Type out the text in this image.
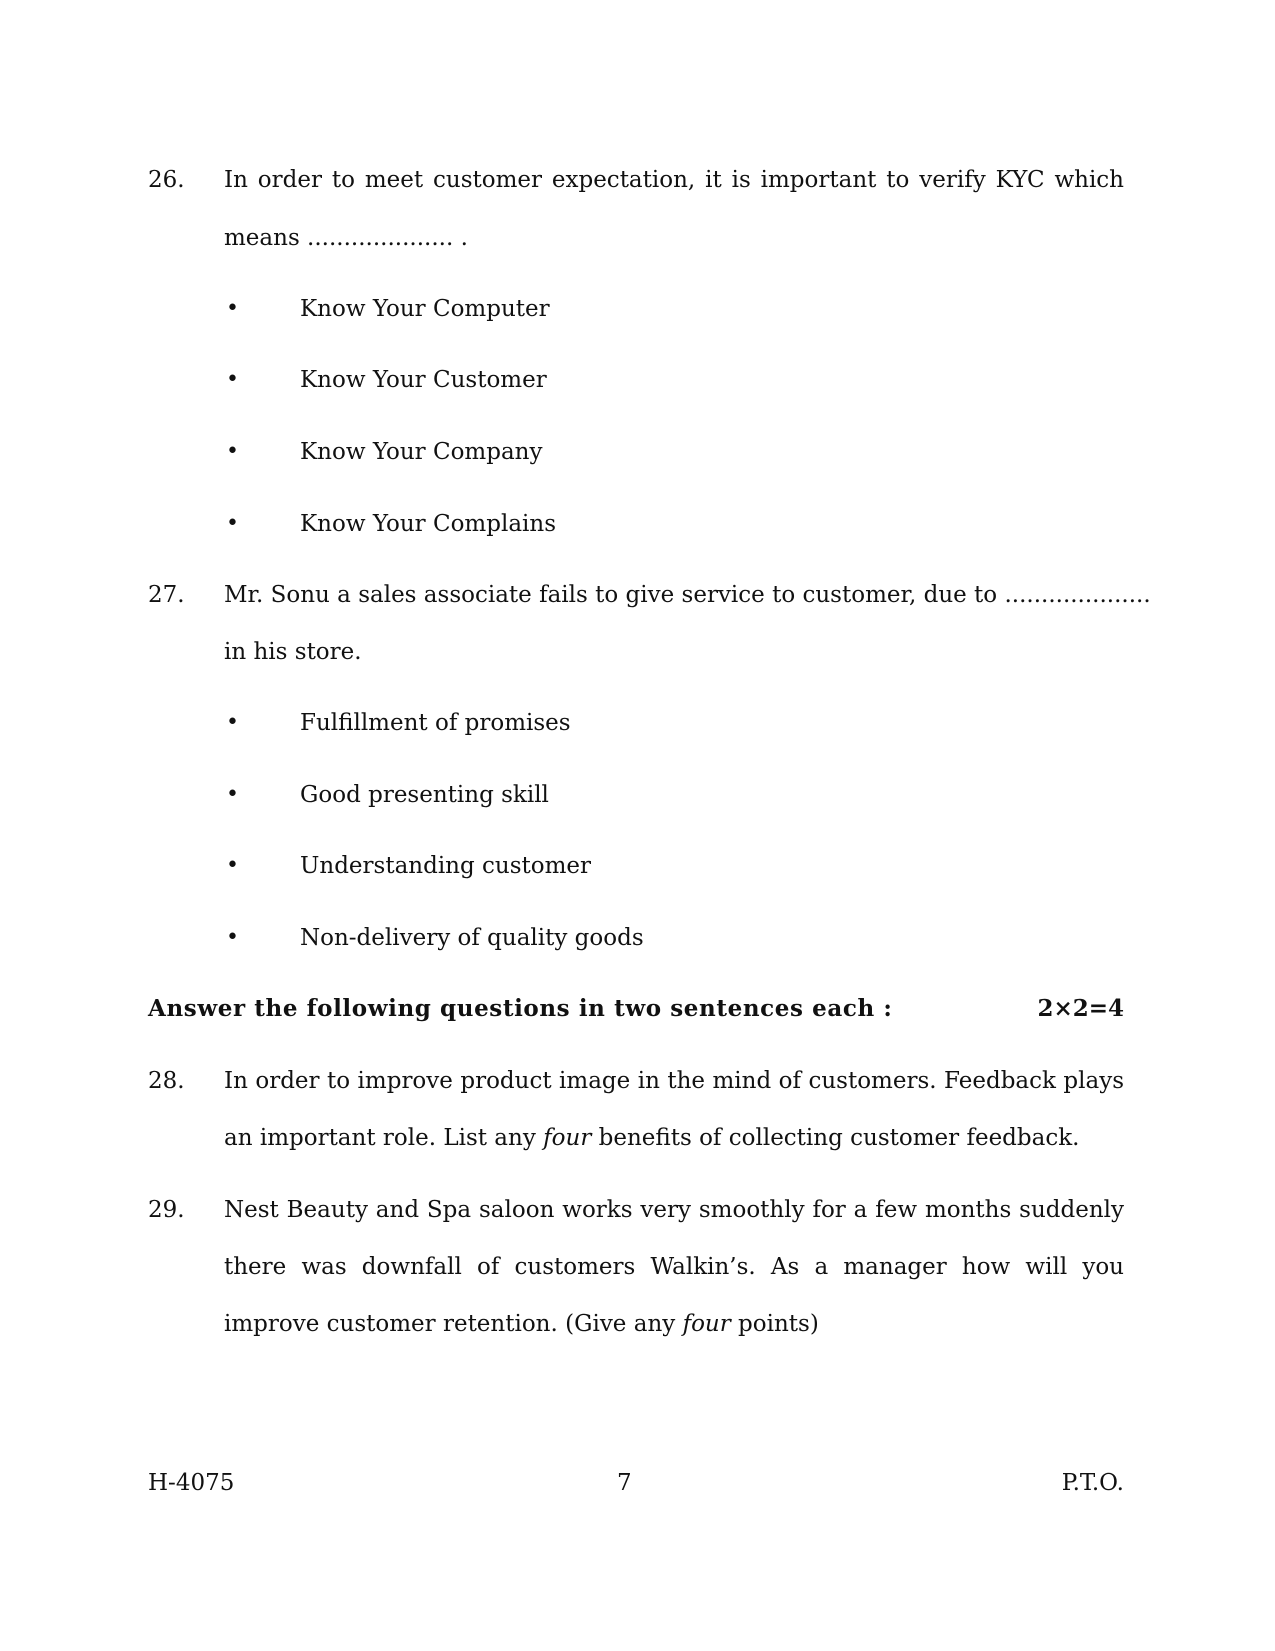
26. In order to meet customer expectation, it is important to verify KYC which
means .................... .
•	Know Your Computer
•	Know Your Customer
•	Know Your Company
•	Know Your Complains
27. Mr. Sonu a sales associate fails to give service to customer, due to ....................
in his store.
•	Fulfillment of promises
•	Good presenting skill
•	Understanding customer
•	Non-delivery of quality goods
Answer the following questions in two sentences each :	2×2=4
28. In order to improve product image in the mind of customers. Feedback plays
an important role. List any four benefits of collecting customer feedback.
29. Nest Beauty and Spa saloon works very smoothly for a few months suddenly
there was downfall of customers Walkin’s. As a manager how will you
improve customer retention. (Give any four points)
H-4075	7	P.T.O.
